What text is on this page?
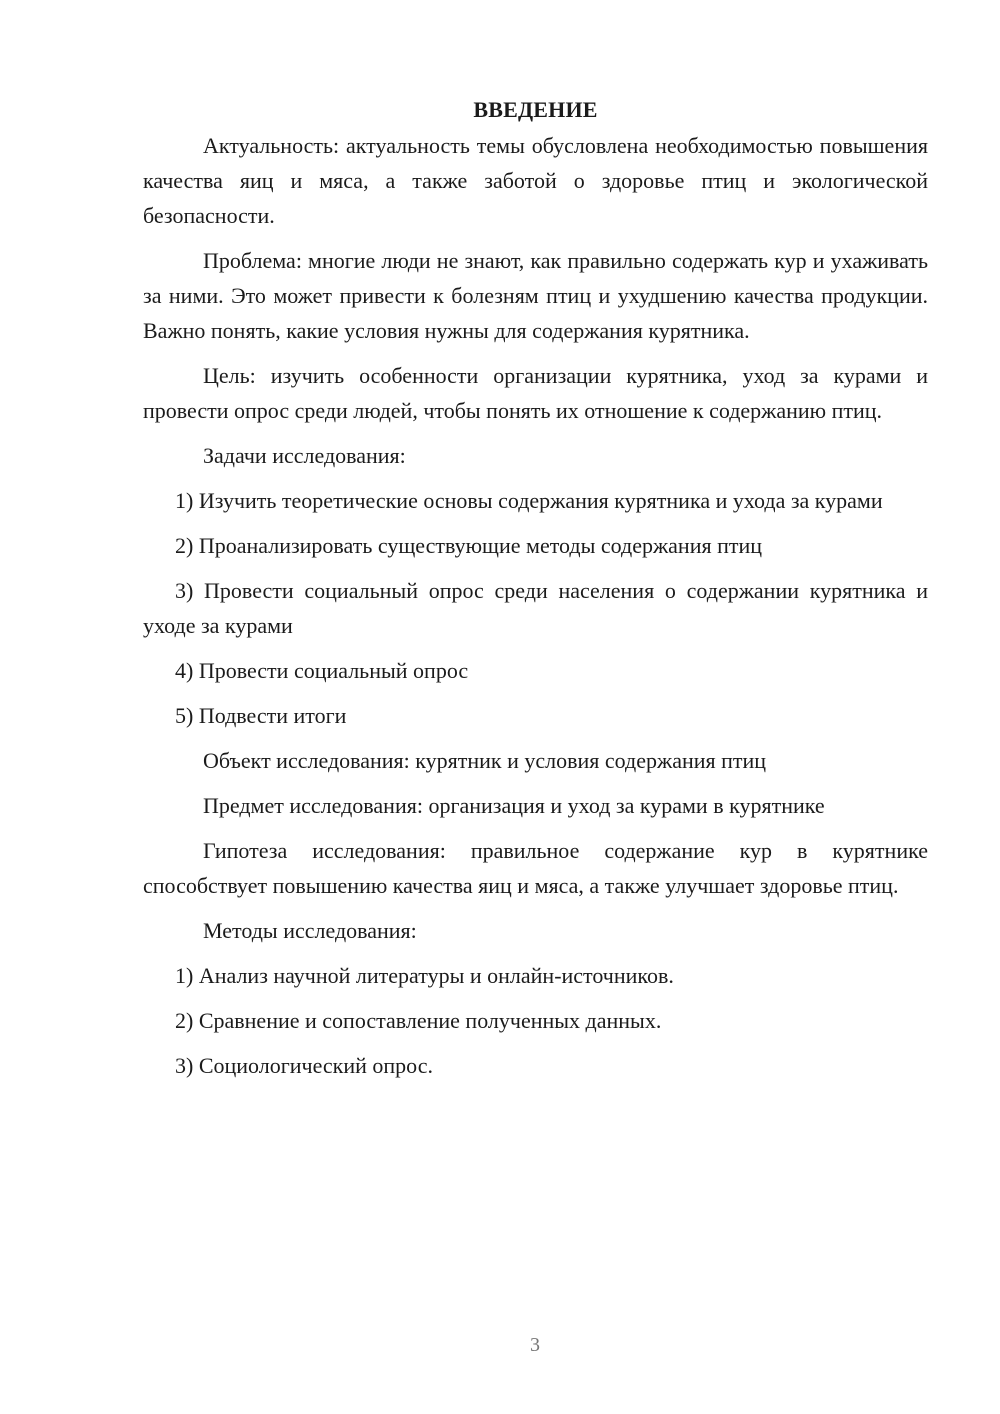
ВВЕДЕНИЕ

Актуальность: актуальность темы обусловлена необходимостью повышения качества яиц и мяса, а также заботой о здоровье птиц и экологической безопасности.

Проблема: многие люди не знают, как правильно содержать кур и ухаживать за ними. Это может привести к болезням птиц и ухудшению качества продукции. Важно понять, какие условия нужны для содержания курятника.

Цель: изучить особенности организации курятника, уход за курами и провести опрос среди людей, чтобы понять их отношение к содержанию птиц.

Задачи исследования:

1) Изучить теоретические основы содержания курятника и ухода за курами

2) Проанализировать существующие методы содержания птиц

3) Провести социальный опрос среди населения о содержании курятника и уходе за курами

4) Провести социальный опрос

5) Подвести итоги

Объект исследования: курятник и условия содержания птиц

Предмет исследования: организация и уход за курами в курятнике

Гипотеза исследования: правильное содержание кур в курятнике способствует повышению качества яиц и мяса, а также улучшает здоровье птиц.

Методы исследования:

1) Анализ научной литературы и онлайн-источников.

2) Сравнение и сопоставление полученных данных.

3) Социологический опрос.

3
